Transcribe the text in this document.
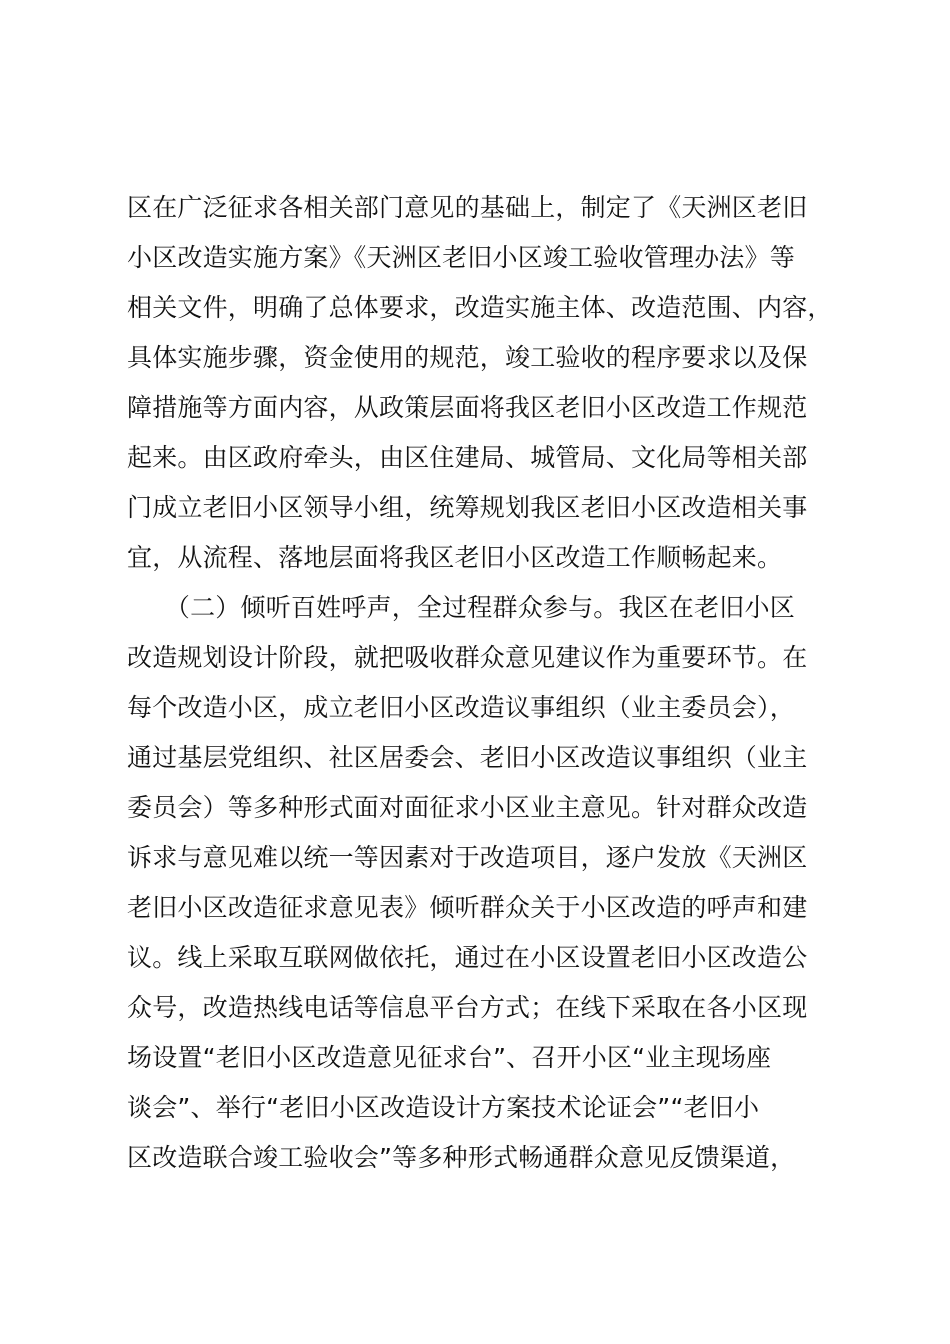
区在广泛征求各相关部门意见的基础上，制定了《天洲区老旧
小区改造实施方案》《天洲区老旧小区竣工验收管理办法》等
相关文件，明确了总体要求，改造实施主体、改造范围、内容，
具体实施步骤，资金使用的规范，竣工验收的程序要求以及保
障措施等方面内容，从政策层面将我区老旧小区改造工作规范
起来。由区政府牵头，由区住建局、城管局、文化局等相关部
门成立老旧小区领导小组，统筹规划我区老旧小区改造相关事
宜，从流程、落地层面将我区老旧小区改造工作顺畅起来。
　　（二）倾听百姓呼声，全过程群众参与。我区在老旧小区
改造规划设计阶段，就把吸收群众意见建议作为重要环节。在
每个改造小区，成立老旧小区改造议事组织（业主委员会），
通过基层党组织、社区居委会、老旧小区改造议事组织（业主
委员会）等多种形式面对面征求小区业主意见。针对群众改造
诉求与意见难以统一等因素对于改造项目，逐户发放《天洲区
老旧小区改造征求意见表》倾听群众关于小区改造的呼声和建
议。线上采取互联网做依托，通过在小区设置老旧小区改造公
众号，改造热线电话等信息平台方式；在线下采取在各小区现
场设置“老旧小区改造意见征求台”、召开小区“业主现场座
谈会”、举行“老旧小区改造设计方案技术论证会”“老旧小
区改造联合竣工验收会”等多种形式畅通群众意见反馈渠道，
